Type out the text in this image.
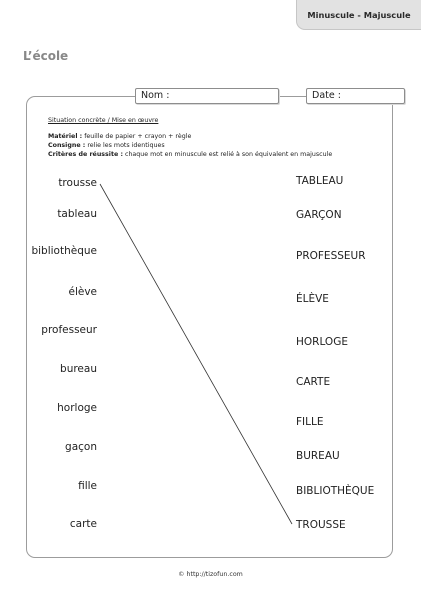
Minuscule - Majuscule
L’école
Nom :	Date :
Situation concrète / Mise en œuvre
Matériel : feuille de papier + crayon + règle
Consigne : relie les mots identiques
Critères de réussite : chaque mot en minuscule est relié à son équivalent en majuscule
trousse
tableau
bibliothèque
élève
professeur
bureau
horloge
gaçon
fille
carte
TABLEAU
GARÇON
PROFESSEUR
ÉLÈVE
HORLOGE
CARTE
FILLE
BUREAU
BIBLIOTHÈQUE
TROUSSE
© http://tizofun.com
